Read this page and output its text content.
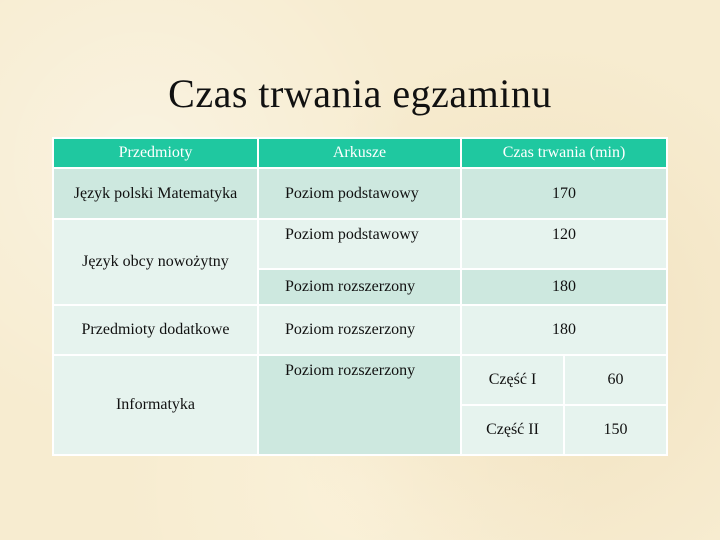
Czas trwania egzaminu
Przedmioty	Arkusze	Czas trwania (min)	
Język polski Matematyka	Poziom podstawowy	170	
Język obcy nowożytny	Poziom podstawowy	120	
	Poziom rozszerzony	180	
Przedmioty dodatkowe	Poziom rozszerzony	180	
Informatyka	Poziom rozszerzony	Część I	60
		Część II	150
